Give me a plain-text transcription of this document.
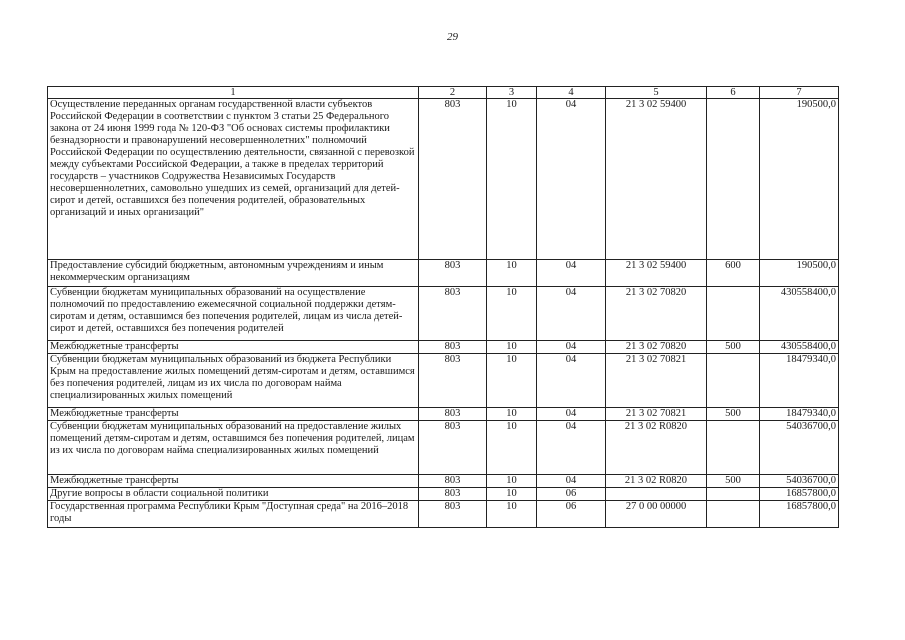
29
1	2	3	4	5	6	7
Осуществление переданных органам государственной власти субъектов Российской Федерации в соответствии с пунктом 3 статьи 25 Федерального закона от 24 июня 1999 года № 120-ФЗ "Об основах системы профилактики безнадзорности и правонарушений несовершеннолетних" полномочий Российской Федерации по осуществлению деятельности, связанной с перевозкой между субъектами Российской Федерации, а также в пределах территорий государств – участников Содружества Независимых Государств несовершеннолетних, самовольно ушедших из семей, организаций для детей-сирот и детей, оставшихся без попечения родителей, образовательных организаций и иных организаций"	803	10	04	21 3 02 59400		190500,0
Предоставление субсидий бюджетным, автономным учреждениям и иным некоммерческим организациям	803	10	04	21 3 02 59400	600	190500,0
Субвенции бюджетам муниципальных образований на осуществление полномочий по предоставлению ежемесячной социальной поддержки детям-сиротам и детям, оставшимся без попечения родителей, лицам из числа детей-сирот и детей, оставшихся без попечения родителей	803	10	04	21 3 02 70820		430558400,0
Межбюджетные трансферты	803	10	04	21 3 02 70820	500	430558400,0
Субвенции бюджетам муниципальных образований из бюджета Республики Крым на предоставление жилых помещений детям-сиротам и детям, оставшимся без попечения родителей, лицам из их числа по договорам найма специализированных жилых помещений	803	10	04	21 3 02 70821		18479340,0
Межбюджетные трансферты	803	10	04	21 3 02 70821	500	18479340,0
Субвенции бюджетам муниципальных образований на предоставление жилых помещений детям-сиротам и детям, оставшимся без попечения родителей, лицам из их числа по договорам найма специализированных жилых помещений	803	10	04	21 3 02 R0820		54036700,0
Межбюджетные трансферты	803	10	04	21 3 02 R0820	500	54036700,0
Другие вопросы в области социальной политики	803	10	06			16857800,0
Государственная программа Республики Крым "Доступная среда" на 2016–2018 годы	803	10	06	27 0 00 00000		16857800,0
